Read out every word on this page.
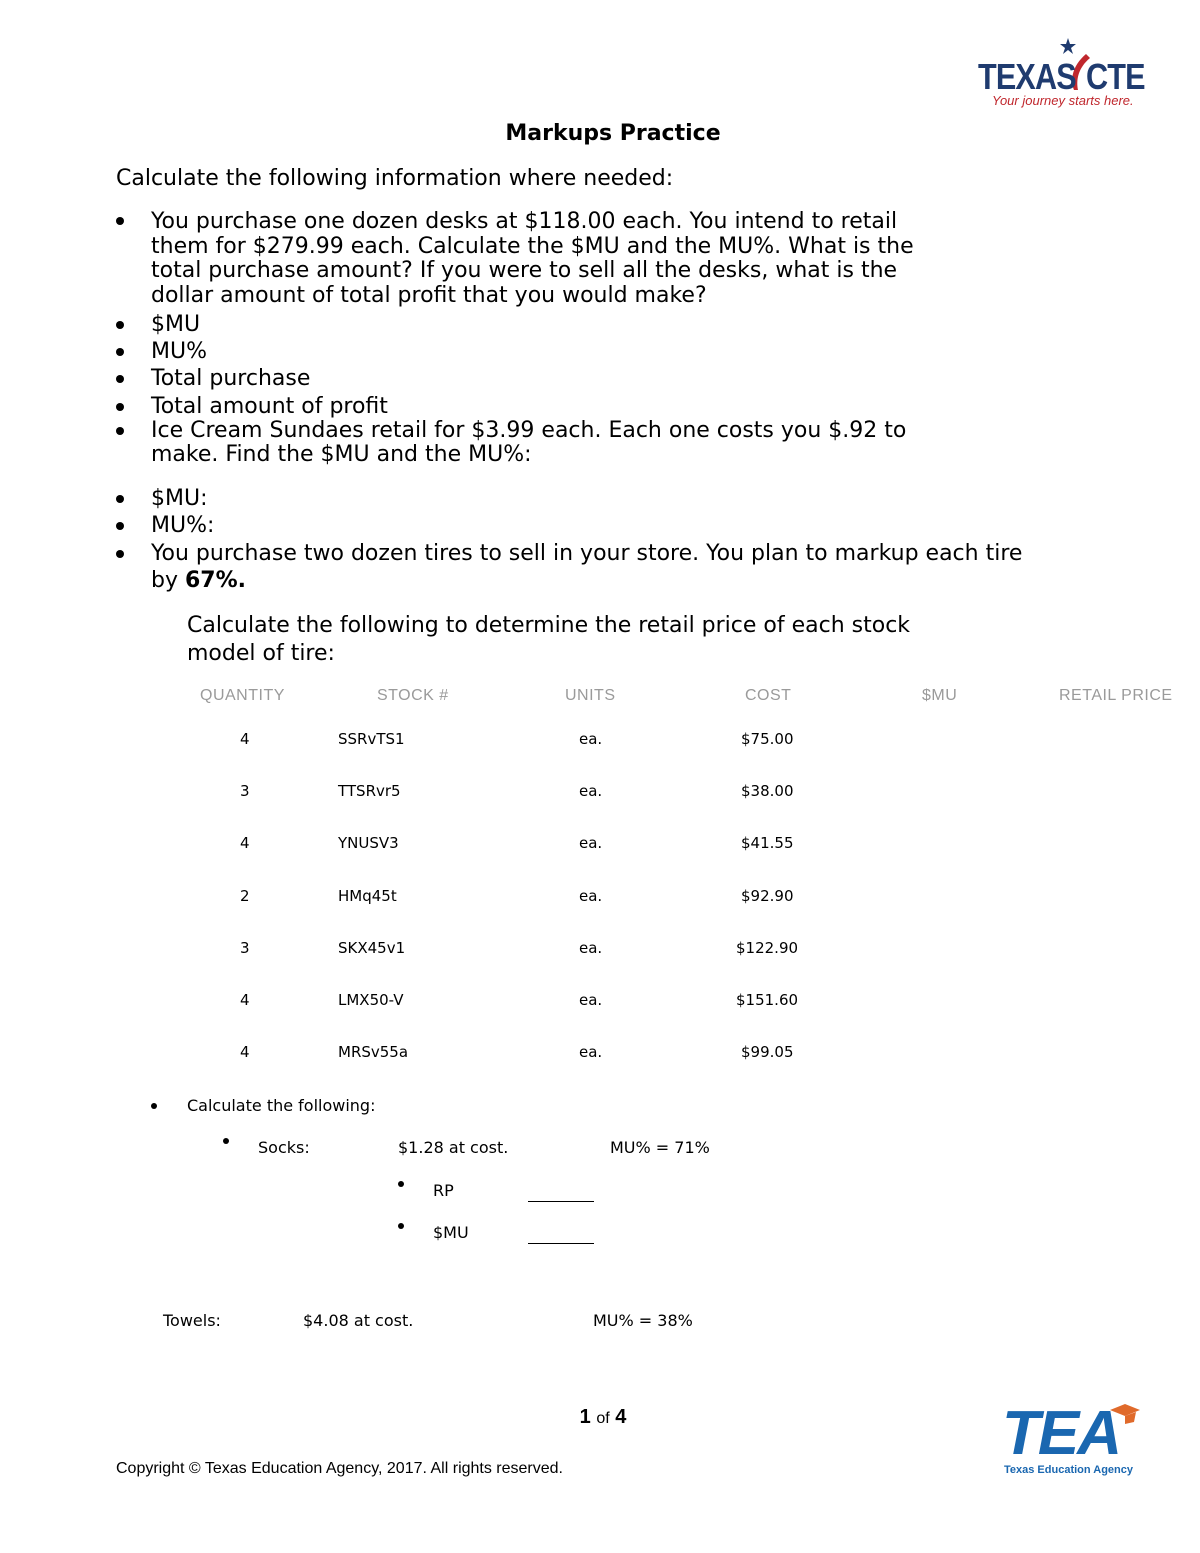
TEXAS CTE
Your journey starts here.
Markups Practice
Calculate the following information where needed:
You purchase one dozen desks at $118.00 each. You intend to retail
them for $279.99 each. Calculate the $MU and the MU%. What is the
total purchase amount? If you were to sell all the desks, what is the
dollar amount of total profit that you would make?
$MU
MU%
Total purchase
Total amount of profit
Ice Cream Sundaes retail for $3.99 each. Each one costs you $.92 to
make. Find the $MU and the MU%:
$MU:
MU%:
You purchase two dozen tires to sell in your store. You plan to markup each tire
by 67%.
Calculate the following to determine the retail price of each stock
model of tire:
QUANTITY	STOCK #	UNITS	COST	$MU	RETAIL PRICE
4	SSRvTS1	ea.	$75.00
3	TTSRvr5	ea.	$38.00
4	YNUSV3	ea.	$41.55
2	HMq45t	ea.	$92.90
3	SKX45v1	ea.	$122.90
4	LMX50-V	ea.	$151.60
4	MRSv55a	ea.	$99.05
Calculate the following:
Socks:	$1.28 at cost.	MU% = 71%
RP
$MU
Towels:	$4.08 at cost.	MU% = 38%
1 of 4
Copyright © Texas Education Agency, 2017. All rights reserved.
TEA
Texas Education Agency
